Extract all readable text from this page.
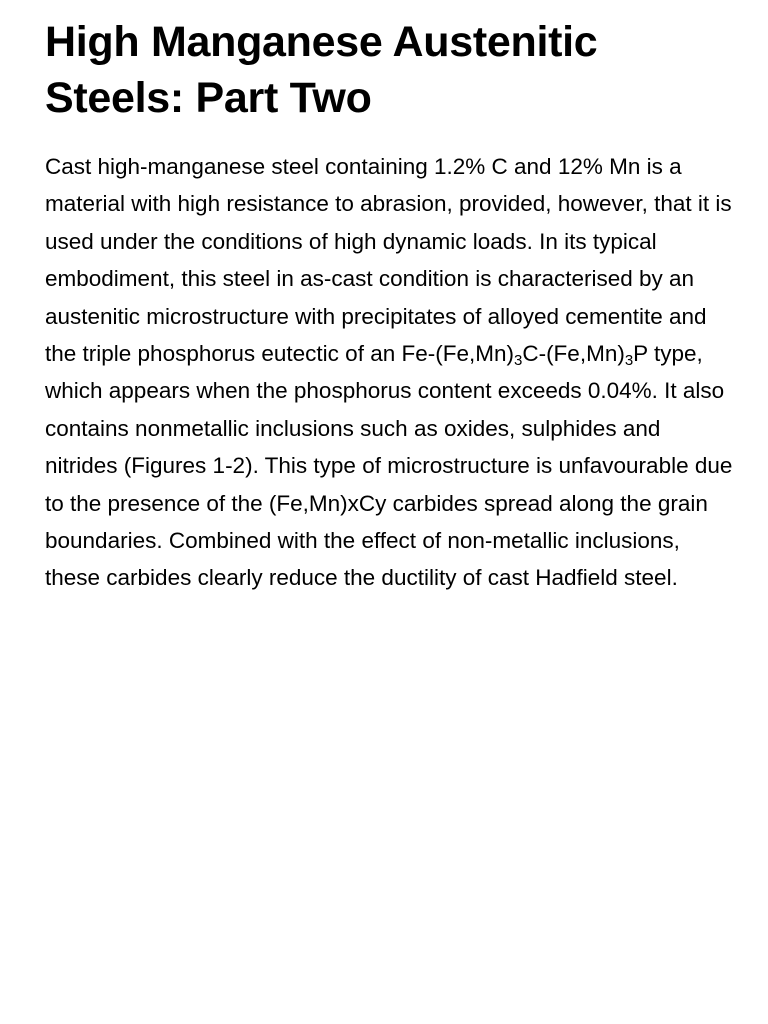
High Manganese Austenitic Steels: Part Two

Cast high-manganese steel containing 1.2% C and 12% Mn is a material with high resistance to abrasion, provided, however, that it is used under the conditions of high dynamic loads. In its typical embodiment, this steel in as-cast condition is characterised by an austenitic microstructure with precipitates of alloyed cementite and the triple phosphorus eutectic of an $Fe-(Fe,Mn)_3C-(Fe,Mn)_3P$ type, which appears when the phosphorus content exceeds 0.04%. It also contains nonmetallic inclusions such as oxides, sulphides and nitrides (Figures 1-2). This type of microstructure is unfavourable due to the presence of the (Fe,Mn)xCy carbides spread along the grain boundaries. Combined with the effect of non-metallic inclusions, these carbides clearly reduce the ductility of cast Hadfield steel.
